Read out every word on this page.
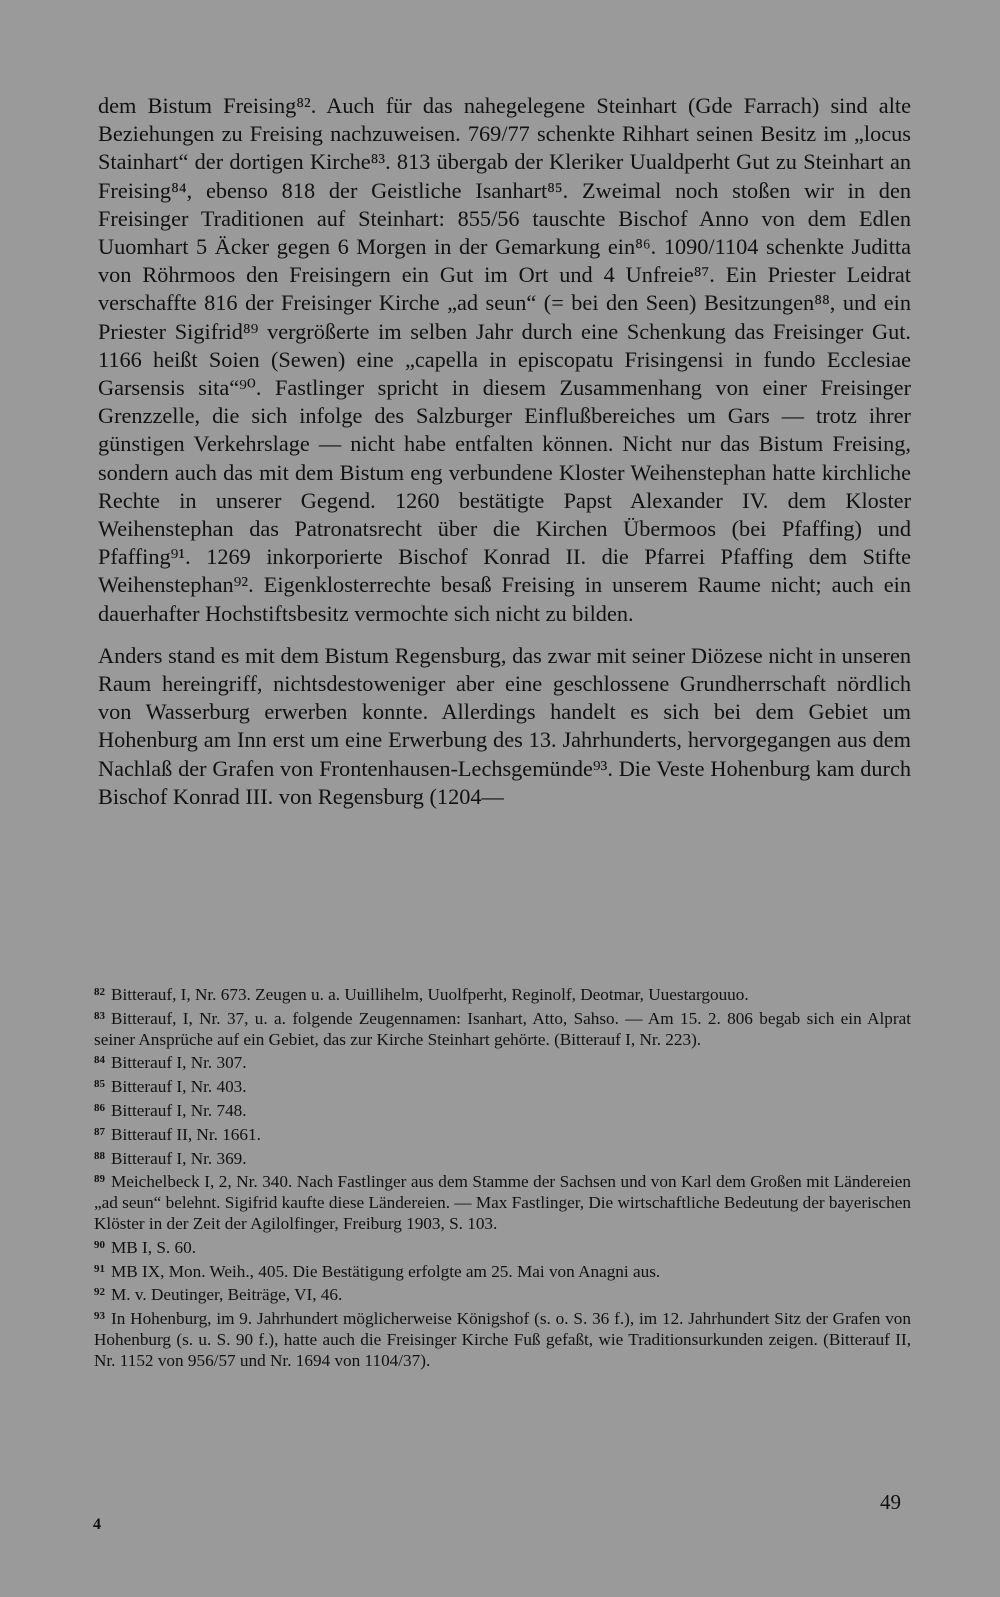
dem Bistum Freising⁸². Auch für das nahegelegene Steinhart (Gde Farrach) sind alte Beziehungen zu Freising nachzuweisen. 769/77 schenkte Rihhart seinen Besitz im „locus Stainhart“ der dortigen Kirche⁸³. 813 übergab der Kleriker Uualdperht Gut zu Steinhart an Freising⁸⁴, ebenso 818 der Geistliche Isanhart⁸⁵. Zweimal noch stoßen wir in den Freisinger Traditionen auf Steinhart: 855/56 tauschte Bischof Anno von dem Edlen Uuomhart 5 Äcker gegen 6 Morgen in der Gemarkung ein⁸⁶. 1090/1104 schenkte Juditta von Röhrmoos den Freisingern ein Gut im Ort und 4 Unfreie⁸⁷. Ein Priester Leidrat verschaffte 816 der Freisinger Kirche „ad seun“ (= bei den Seen) Besitzungen⁸⁸, und ein Priester Sigifrid⁸⁹ vergrößerte im selben Jahr durch eine Schenkung das Freisinger Gut. 1166 heißt Soien (Sewen) eine „capella in episcopatu Frisingensi in fundo Ecclesiae Garsensis sita“⁹⁰. Fastlinger spricht in diesem Zusammenhang von einer Freisinger Grenzzelle, die sich infolge des Salzburger Einflußbereiches um Gars — trotz ihrer günstigen Verkehrslage — nicht habe entfalten können. Nicht nur das Bistum Freising, sondern auch das mit dem Bistum eng verbundene Kloster Weihenstephan hatte kirchliche Rechte in unserer Gegend. 1260 bestätigte Papst Alexander IV. dem Kloster Weihenstephan das Patronatsrecht über die Kirchen Übermoos (bei Pfaffing) und Pfaffing⁹¹. 1269 inkorporierte Bischof Konrad II. die Pfarrei Pfaffing dem Stifte Weihenstephan⁹². Eigenklosterrechte besaß Freising in unserem Raume nicht; auch ein dauerhafter Hochstiftsbesitz vermochte sich nicht zu bilden.

Anders stand es mit dem Bistum Regensburg, das zwar mit seiner Diözese nicht in unseren Raum hereingriff, nichtsdestoweniger aber eine geschlossene Grundherrschaft nördlich von Wasserburg erwerben konnte. Allerdings handelt es sich bei dem Gebiet um Hohenburg am Inn erst um eine Erwerbung des 13. Jahrhunderts, hervorgegangen aus dem Nachlaß der Grafen von Frontenhausen-Lechsgemünde⁹³. Die Veste Hohenburg kam durch Bischof Konrad III. von Regensburg (1204—

$^{82}$ Bitterauf, I, Nr. 673. Zeugen u. a. Uuillihelm, Uuolfperht, Reginolf, Deotmar, Uuestargouuo.

$^{83}$ Bitterauf, I, Nr. 37, u. a. folgende Zeugennamen: Isanhart, Atto, Sahso. — Am 15. 2. 806 begab sich ein Alprat seiner Ansprüche auf ein Gebiet, das zur Kirche Steinhart gehörte. (Bitterauf I, Nr. 223).

$^{84}$ Bitterauf I, Nr. 307.

$^{85}$ Bitterauf I, Nr. 403.

$^{86}$ Bitterauf I, Nr. 748.

$^{87}$ Bitterauf II, Nr. 1661.

$^{88}$ Bitterauf I, Nr. 369.

$^{89}$ Meichelbeck I, 2, Nr. 340. Nach Fastlinger aus dem Stamme der Sachsen und von Karl dem Großen mit Ländereien „ad seun“ belehnt. Sigifrid kaufte diese Ländereien. — Max Fastlinger, Die wirtschaftliche Bedeutung der bayerischen Klöster in der Zeit der Agilolfinger, Freiburg 1903, S. 103.

$^{90}$ MB I, S. 60.

$^{91}$ MB IX, Mon. Weih., 405. Die Bestätigung erfolgte am 25. Mai von Anagni aus.

$^{92}$ M. v. Deutinger, Beiträge, VI, 46.

$^{93}$ In Hohenburg, im 9. Jahrhundert möglicherweise Königshof (s. o. S. 36 f.), im 12. Jahrhundert Sitz der Grafen von Hohenburg (s. u. S. 90 f.), hatte auch die Freisinger Kirche Fuß gefaßt, wie Traditionsurkunden zeigen. (Bitterauf II, Nr. 1152 von 956/57 und Nr. 1694 von 1104/37).

49
4
